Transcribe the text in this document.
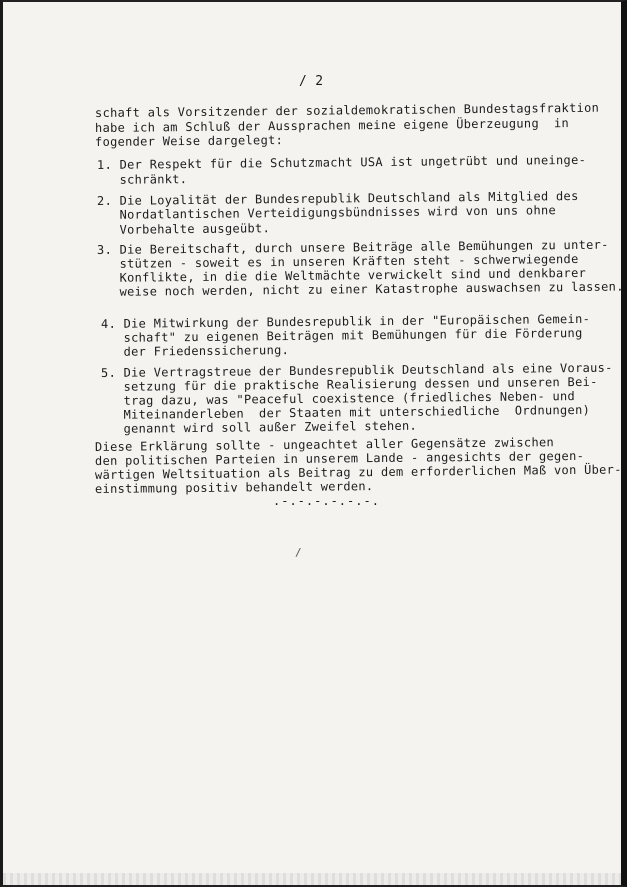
/ 2
schaft als Vorsitzender der sozialdemokratischen Bundestagsfraktion
habe ich am Schluß der Aussprachen meine eigene Überzeugung  in
fogender Weise dargelegt:
1. Der Respekt für die Schutzmacht USA ist ungetrübt und uneinge-
schränkt.
2. Die Loyalität der Bundesrepublik Deutschland als Mitglied des
Nordatlantischen Verteidigungsbündnisses wird von uns ohne
Vorbehalte ausgeübt.
3. Die Bereitschaft, durch unsere Beiträge alle Bemühungen zu unter-
stützen - soweit es in unseren Kräften steht - schwerwiegende
Konflikte, in die die Weltmächte verwickelt sind und denkbarer
weise noch werden, nicht zu einer Katastrophe auswachsen zu lassen.
4. Die Mitwirkung der Bundesrepublik in der "Europäischen Gemein-
schaft" zu eigenen Beiträgen mit Bemühungen für die Förderung
der Friedenssicherung.
5. Die Vertragstreue der Bundesrepublik Deutschland als eine Voraus-
setzung für die praktische Realisierung dessen und unseren Bei-
trag dazu, was "Peaceful coexistence (friedliches Neben- und
Miteinanderleben  der Staaten mit unterschiedliche  Ordnungen)
genannt wird soll außer Zweifel stehen.
Diese Erklärung sollte - ungeachtet aller Gegensätze zwischen
den politischen Parteien in unserem Lande - angesichts der gegen-
wärtigen Weltsituation als Beitrag zu dem erforderlichen Maß von Über-
einstimmung positiv behandelt werden.
.-.-.-.-.-.-.
/
